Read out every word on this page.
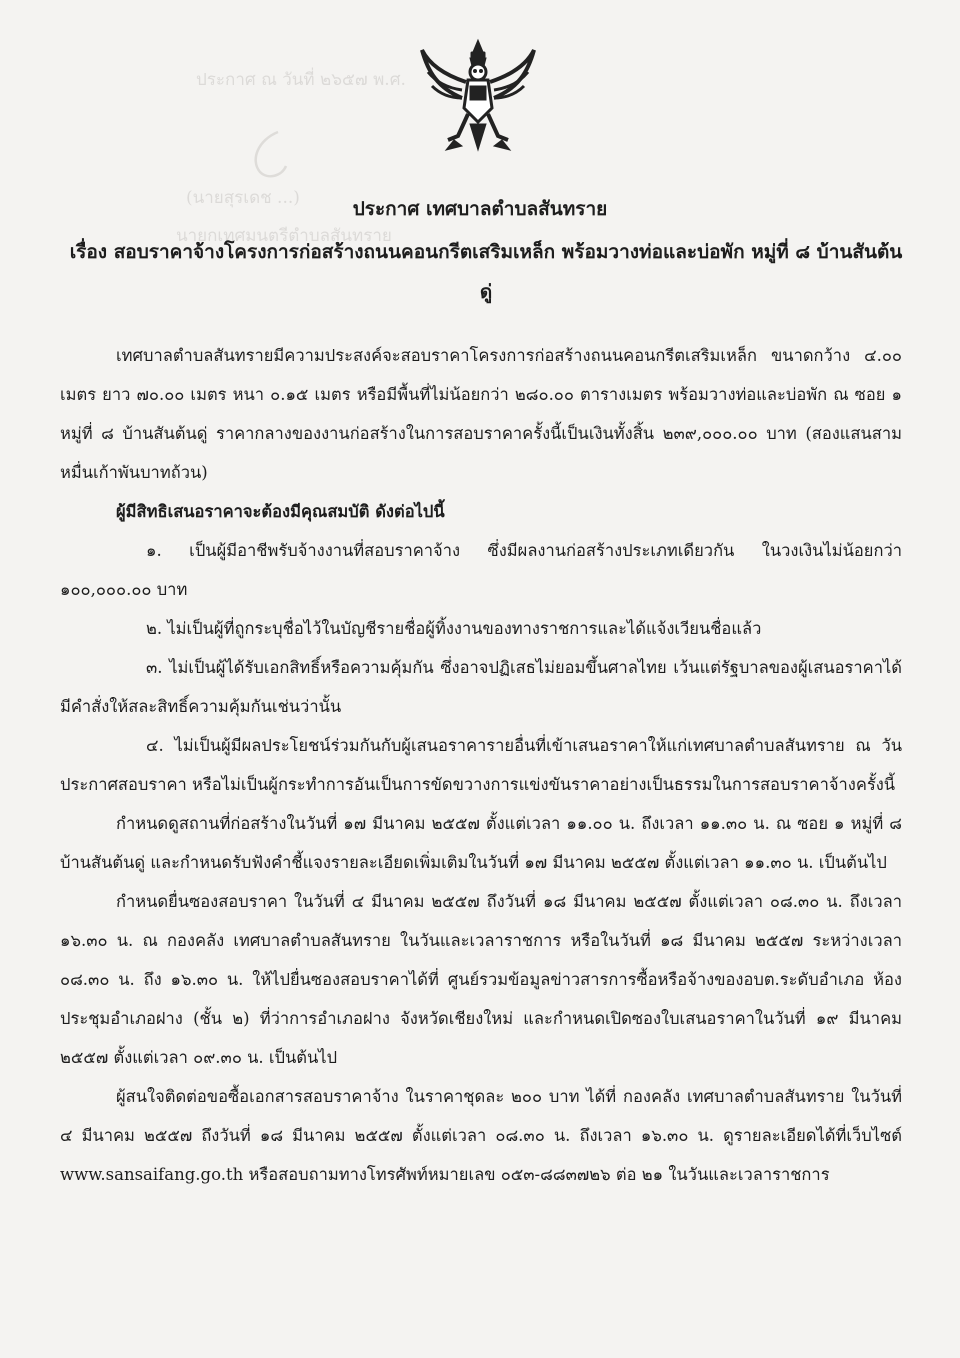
ประกาศ ณ วันที่ ๒๖๕๗ พ.ศ.
(นายสุรเดช ...)
นายกเทศมนตรีตำบลสันทราย
ประกาศ เทศบาลตำบลสันทราย
เรื่อง สอบราคาจ้างโครงการก่อสร้างถนนคอนกรีตเสริมเหล็ก พร้อมวางท่อและบ่อพัก หมู่ที่ ๘ บ้านสันต้นดู่

เทศบาลตำบลสันทรายมีความประสงค์จะสอบราคาโครงการก่อสร้างถนนคอนกรีตเสริมเหล็ก ขนาดกว้าง ๔.๐๐ เมตร ยาว ๗๐.๐๐ เมตร หนา ๐.๑๕ เมตร หรือมีพื้นที่ไม่น้อยกว่า ๒๘๐.๐๐ ตารางเมตร พร้อมวางท่อและบ่อพัก ณ ซอย ๑ หมู่ที่ ๘ บ้านสันต้นดู่ ราคากลางของงานก่อสร้างในการสอบราคาครั้งนี้เป็นเงินทั้งสิ้น ๒๓๙,๐๐๐.๐๐ บาท (สองแสนสามหมื่นเก้าพันบาทถ้วน)

ผู้มีสิทธิเสนอราคาจะต้องมีคุณสมบัติ ดังต่อไปนี้

๑. เป็นผู้มีอาชีพรับจ้างงานที่สอบราคาจ้าง ซึ่งมีผลงานก่อสร้างประเภทเดียวกัน ในวงเงินไม่น้อยกว่า ๑๐๐,๐๐๐.๐๐ บาท

๒. ไม่เป็นผู้ที่ถูกระบุชื่อไว้ในบัญชีรายชื่อผู้ทิ้งงานของทางราชการและได้แจ้งเวียนชื่อแล้ว

๓. ไม่เป็นผู้ได้รับเอกสิทธิ์หรือความคุ้มกัน ซึ่งอาจปฏิเสธไม่ยอมขึ้นศาลไทย เว้นแต่รัฐบาลของผู้เสนอราคาได้มีคำสั่งให้สละสิทธิ์ความคุ้มกันเช่นว่านั้น

๔. ไม่เป็นผู้มีผลประโยชน์ร่วมกันกับผู้เสนอราคารายอื่นที่เข้าเสนอราคาให้แก่เทศบาลตำบลสันทราย ณ วันประกาศสอบราคา หรือไม่เป็นผู้กระทำการอันเป็นการขัดขวางการแข่งขันราคาอย่างเป็นธรรมในการสอบราคาจ้างครั้งนี้

กำหนดดูสถานที่ก่อสร้างในวันที่ ๑๗ มีนาคม ๒๕๕๗ ตั้งแต่เวลา ๑๑.๐๐ น. ถึงเวลา ๑๑.๓๐ น. ณ ซอย ๑ หมู่ที่ ๘ บ้านสันต้นดู่ และกำหนดรับฟังคำชี้แจงรายละเอียดเพิ่มเติมในวันที่ ๑๗ มีนาคม ๒๕๕๗ ตั้งแต่เวลา ๑๑.๓๐ น. เป็นต้นไป

กำหนดยื่นซองสอบราคา ในวันที่ ๔ มีนาคม ๒๕๕๗ ถึงวันที่ ๑๘ มีนาคม ๒๕๕๗ ตั้งแต่เวลา ๐๘.๓๐ น. ถึงเวลา ๑๖.๓๐ น. ณ กองคลัง เทศบาลตำบลสันทราย ในวันและเวลาราชการ หรือในวันที่ ๑๘ มีนาคม ๒๕๕๗ ระหว่างเวลา ๐๘.๓๐ น. ถึง ๑๖.๓๐ น. ให้ไปยื่นซองสอบราคาได้ที่ ศูนย์รวมข้อมูลข่าวสารการซื้อหรือจ้างของอบต.ระดับอำเภอ ห้องประชุมอำเภอฝาง (ชั้น ๒) ที่ว่าการอำเภอฝาง จังหวัดเชียงใหม่ และกำหนดเปิดซองใบเสนอราคาในวันที่ ๑๙ มีนาคม ๒๕๕๗ ตั้งแต่เวลา ๐๙.๓๐ น. เป็นต้นไป

ผู้สนใจติดต่อขอซื้อเอกสารสอบราคาจ้าง ในราคาชุดละ ๒๐๐ บาท ได้ที่ กองคลัง เทศบาลตำบลสันทราย ในวันที่ ๔ มีนาคม ๒๕๕๗ ถึงวันที่ ๑๘ มีนาคม ๒๕๕๗ ตั้งแต่เวลา ๐๘.๓๐ น. ถึงเวลา ๑๖.๓๐ น. ดูรายละเอียดได้ที่เว็บไซต์ www.sansaifang.go.th หรือสอบถามทางโทรศัพท์หมายเลข ๐๕๓-๘๘๓๗๒๖ ต่อ ๒๑ ในวันและเวลาราชการ
